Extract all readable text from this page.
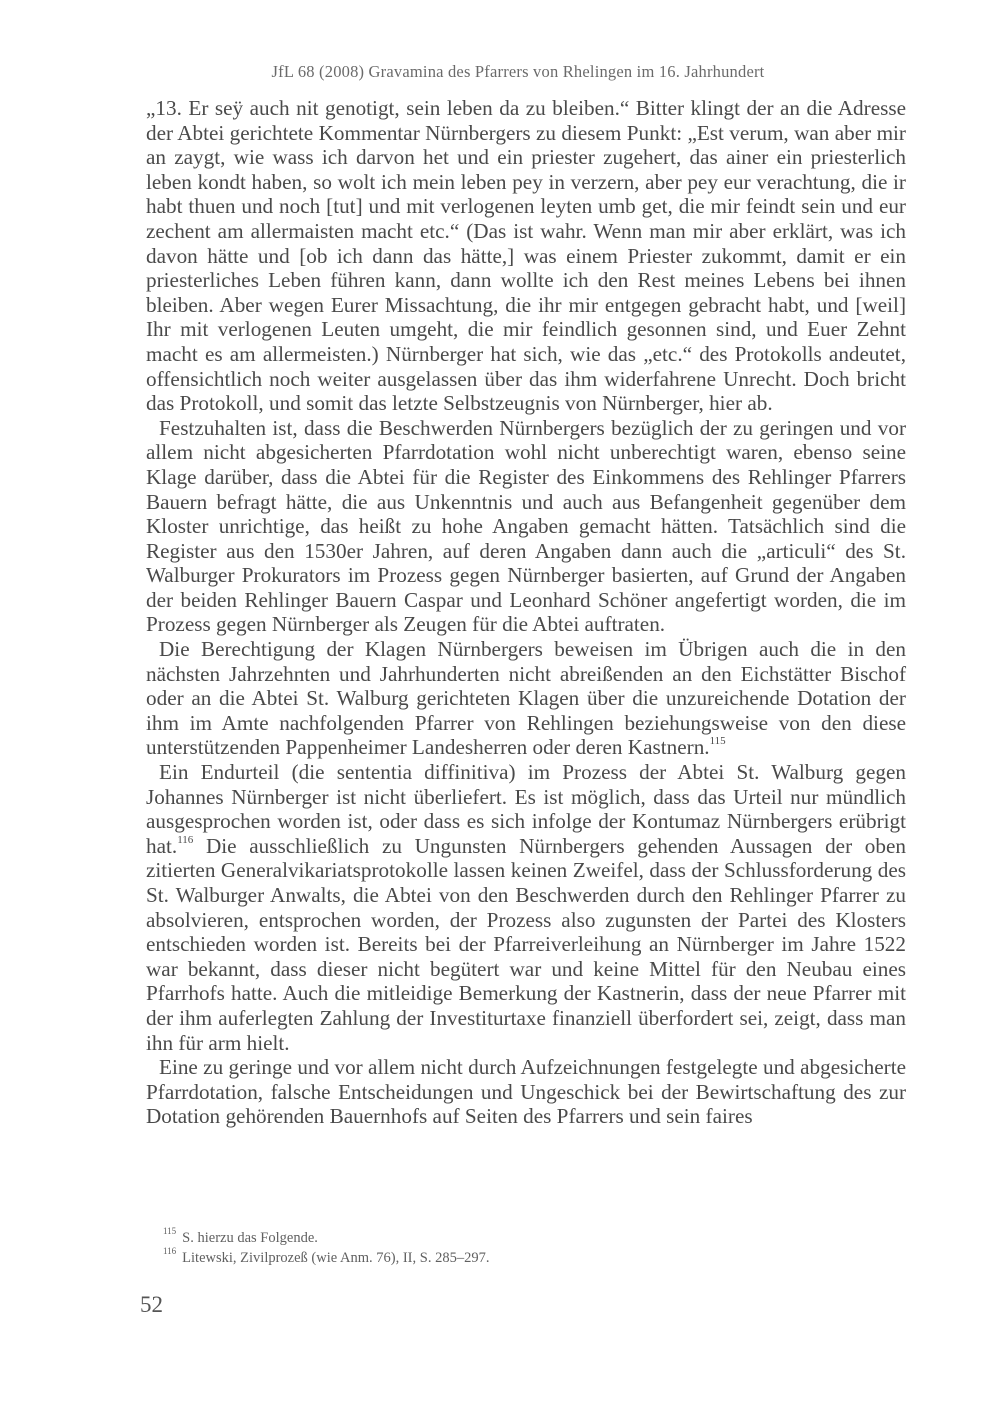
JfL 68 (2008) Gravamina des Pfarrers von Rhelingen im 16. Jahrhundert

„13. Er seÿ auch nit genotigt, sein leben da zu bleiben.“ Bitter klingt der an die Adresse der Abtei gerichtete Kommentar Nürnbergers zu diesem Punkt: „Est verum, wan aber mir an zaygt, wie wass ich darvon het und ein priester zugehert, das ainer ein priesterlich leben kondt haben, so wolt ich mein leben pey in verzern, aber pey eur verachtung, die ir habt thuen und noch [tut] und mit verlogenen leyten umb get, die mir feindt sein und eur zechent am allermaisten macht etc.“ (Das ist wahr. Wenn man mir aber erklärt, was ich davon hätte und [ob ich dann das hätte,] was einem Priester zukommt, damit er ein priesterliches Leben führen kann, dann wollte ich den Rest meines Lebens bei ihnen bleiben. Aber wegen Eurer Missachtung, die ihr mir entgegen gebracht habt, und [weil] Ihr mit verlogenen Leuten umgeht, die mir feindlich gesonnen sind, und Euer Zehnt macht es am allermeisten.) Nürnberger hat sich, wie das „etc.“ des Protokolls andeutet, offensichtlich noch weiter ausgelassen über das ihm widerfahrene Unrecht. Doch bricht das Protokoll, und somit das letzte Selbstzeugnis von Nürnberger, hier ab.

Festzuhalten ist, dass die Beschwerden Nürnbergers bezüglich der zu geringen und vor allem nicht abgesicherten Pfarrdotation wohl nicht unberechtigt waren, ebenso seine Klage darüber, dass die Abtei für die Register des Einkommens des Rehlinger Pfarrers Bauern befragt hätte, die aus Unkenntnis und auch aus Befangenheit gegenüber dem Kloster unrichtige, das heißt zu hohe Angaben gemacht hätten. Tatsächlich sind die Register aus den 1530er Jahren, auf deren Angaben dann auch die „articuli“ des St. Walburger Prokurators im Prozess gegen Nürnberger basierten, auf Grund der Angaben der beiden Rehlinger Bauern Caspar und Leonhard Schöner angefertigt worden, die im Prozess gegen Nürnberger als Zeugen für die Abtei auftraten.

Die Berechtigung der Klagen Nürnbergers beweisen im Übrigen auch die in den nächsten Jahrzehnten und Jahrhunderten nicht abreißenden an den Eichstätter Bischof oder an die Abtei St. Walburg gerichteten Klagen über die unzureichende Dotation der ihm im Amte nachfolgenden Pfarrer von Rehlingen beziehungsweise von den diese unterstützenden Pappenheimer Landesherren oder deren Kastnern.$^{115}$

Ein Endurteil (die sententia diffinitiva) im Prozess der Abtei St. Walburg gegen Johannes Nürnberger ist nicht überliefert. Es ist möglich, dass das Urteil nur mündlich ausgesprochen worden ist, oder dass es sich infolge der Kontumaz Nürnbergers erübrigt hat.$^{116}$ Die ausschließlich zu Ungunsten Nürnbergers gehenden Aussagen der oben zitierten Generalvikariatsprotokolle lassen keinen Zweifel, dass der Schlussforderung des St. Walburger Anwalts, die Abtei von den Beschwerden durch den Rehlinger Pfarrer zu absolvieren, entsprochen worden, der Prozess also zugunsten der Partei des Klosters entschieden worden ist. Bereits bei der Pfarreiverleihung an Nürnberger im Jahre 1522 war bekannt, dass dieser nicht begütert war und keine Mittel für den Neubau eines Pfarrhofs hatte. Auch die mitleidige Bemerkung der Kastnerin, dass der neue Pfarrer mit der ihm auferlegten Zahlung der Investiturtaxe finanziell überfordert sei, zeigt, dass man ihn für arm hielt.

Eine zu geringe und vor allem nicht durch Aufzeichnungen festgelegte und abgesicherte Pfarrdotation, falsche Entscheidungen und Ungeschick bei der Bewirtschaftung des zur Dotation gehörenden Bauernhofs auf Seiten des Pfarrers und sein faires

$^{115}$ S. hierzu das Folgende.
$^{116}$ Litewski, Zivilprozeß (wie Anm. 76), II, S. 285–297.
52
